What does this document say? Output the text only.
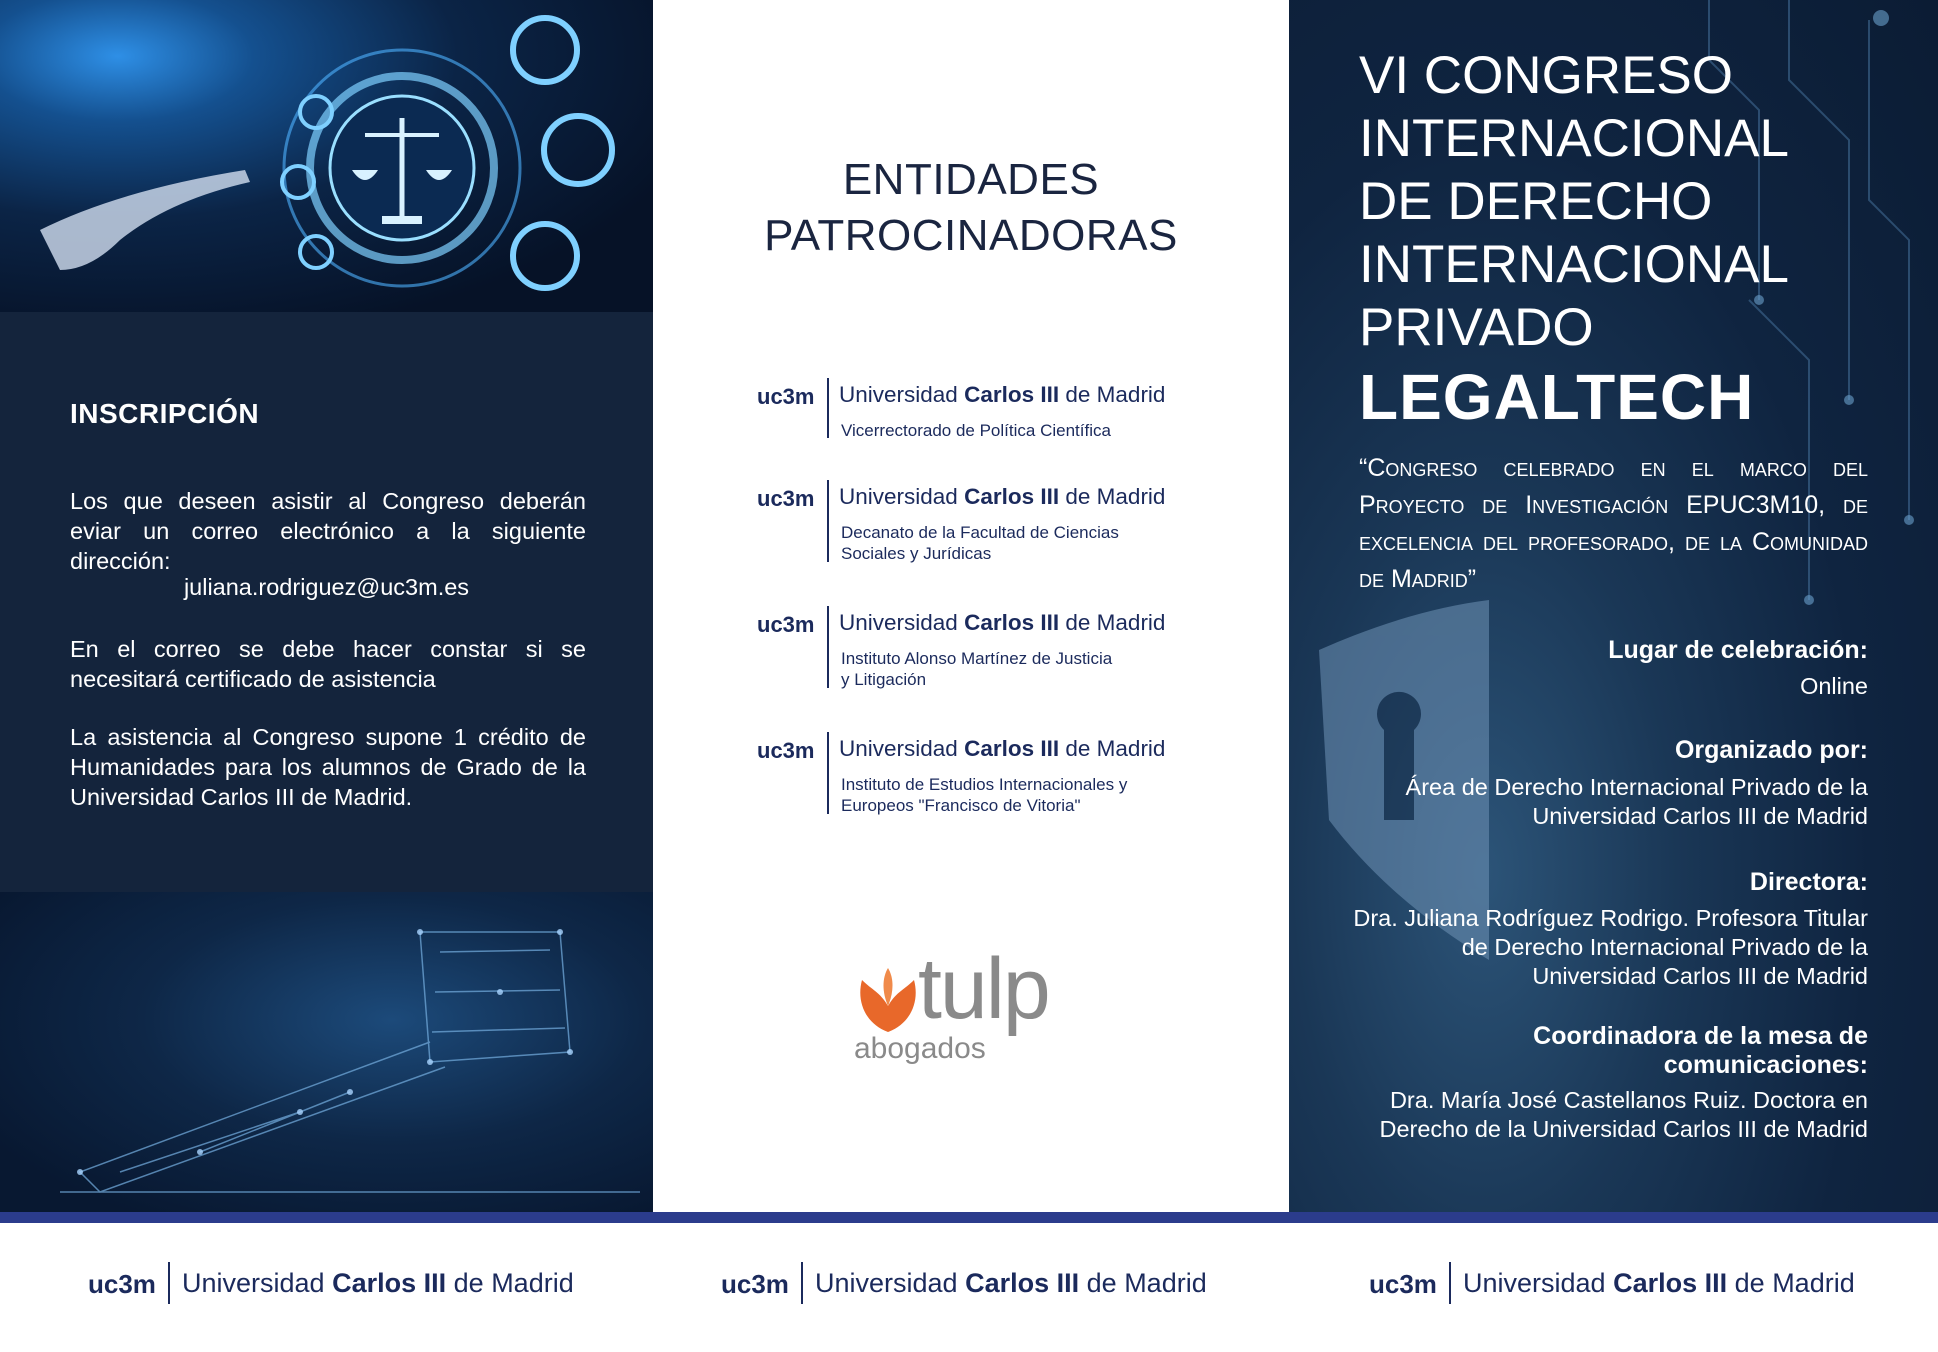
INSCRIPCIÓN
Los que deseen asistir al Congreso deberán eviar un correo electrónico a la siguiente dirección:
juliana.rodriguez@uc3m.es
En el correo se debe hacer constar si se necesitará certificado de asistencia
La asistencia al Congreso supone 1 crédito de Humanidades para los alumnos de Grado de la Universidad Carlos III de Madrid.
ENTIDADES
PATROCINADORAS
uc3m Universidad Carlos III de Madrid
Vicerrectorado de Política Científica
uc3m Universidad Carlos III de Madrid
Decanato de la Facultad de Ciencias
Sociales y Jurídicas
uc3m Universidad Carlos III de Madrid
Instituto Alonso Martínez de Justicia
y Litigación
uc3m Universidad Carlos III de Madrid
Instituto de Estudios Internacionales y
Europeos "Francisco de Vitoria"
tulp
abogados
VI CONGRESO
INTERNACIONAL
DE DERECHO
INTERNACIONAL
PRIVADO
LEGALTECH
“Congreso celebrado en el marco del Proyecto de Investigación EPUC3M10, de excelencia del profesorado, de la Comunidad de Madrid”
Lugar de celebración:
Online
Organizado por:
Área de Derecho Internacional Privado de la Universidad Carlos III de Madrid
Directora:
Dra. Juliana Rodríguez Rodrigo. Profesora Titular de Derecho Internacional Privado de la Universidad Carlos III de Madrid
Coordinadora de la mesa de comunicaciones:
Dra. María José Castellanos Ruiz. Doctora en Derecho de la Universidad Carlos III de Madrid
uc3m Universidad Carlos III de Madrid	uc3m Universidad Carlos III de Madrid	uc3m Universidad Carlos III de Madrid
